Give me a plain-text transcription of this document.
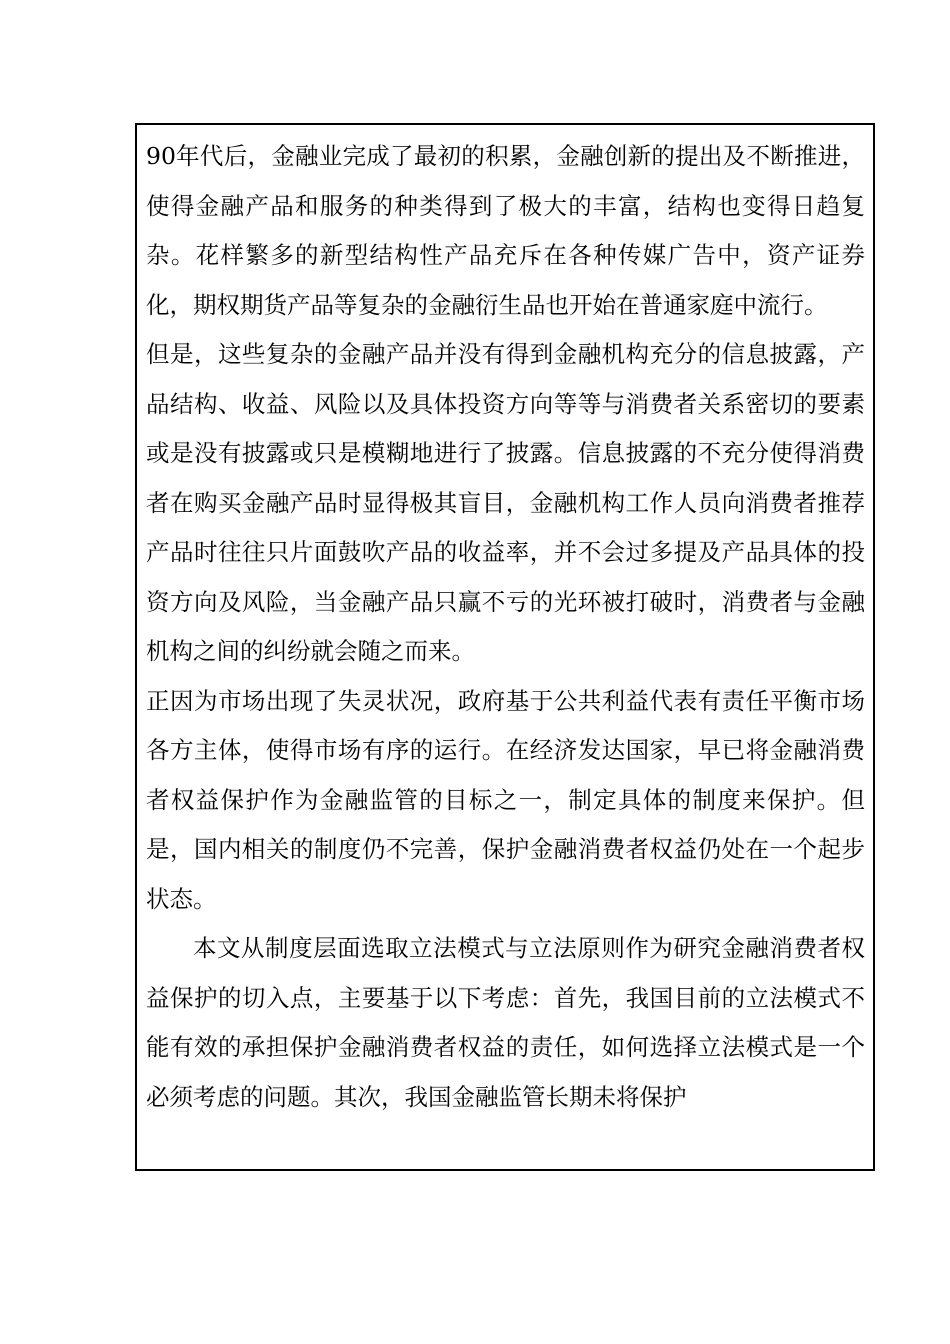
90年代后，金融业完成了最初的积累，金融创新的提出及不断推进，使得金融产品和服务的种类得到了极大的丰富，结构也变得日趋复杂。花样繁多的新型结构性产品充斥在各种传媒广告中，资产证券化，期权期货产品等复杂的金融衍生品也开始在普通家庭中流行。

但是，这些复杂的金融产品并没有得到金融机构充分的信息披露，产品结构、收益、风险以及具体投资方向等等与消费者关系密切的要素或是没有披露或只是模糊地进行了披露。信息披露的不充分使得消费者在购买金融产品时显得极其盲目，金融机构工作人员向消费者推荐产品时往往只片面鼓吹产品的收益率，并不会过多提及产品具体的投资方向及风险，当金融产品只赢不亏的光环被打破时，消费者与金融机构之间的纠纷就会随之而来。

正因为市场出现了失灵状况，政府基于公共利益代表有责任平衡市场各方主体，使得市场有序的运行。在经济发达国家，早已将金融消费者权益保护作为金融监管的目标之一，制定具体的制度来保护。但是，国内相关的制度仍不完善，保护金融消费者权益仍处在一个起步状态。

本文从制度层面选取立法模式与立法原则作为研究金融消费者权益保护的切入点，主要基于以下考虑：首先，我国目前的立法模式不能有效的承担保护金融消费者权益的责任，如何选择立法模式是一个必须考虑的问题。其次，我国金融监管长期未将保护
